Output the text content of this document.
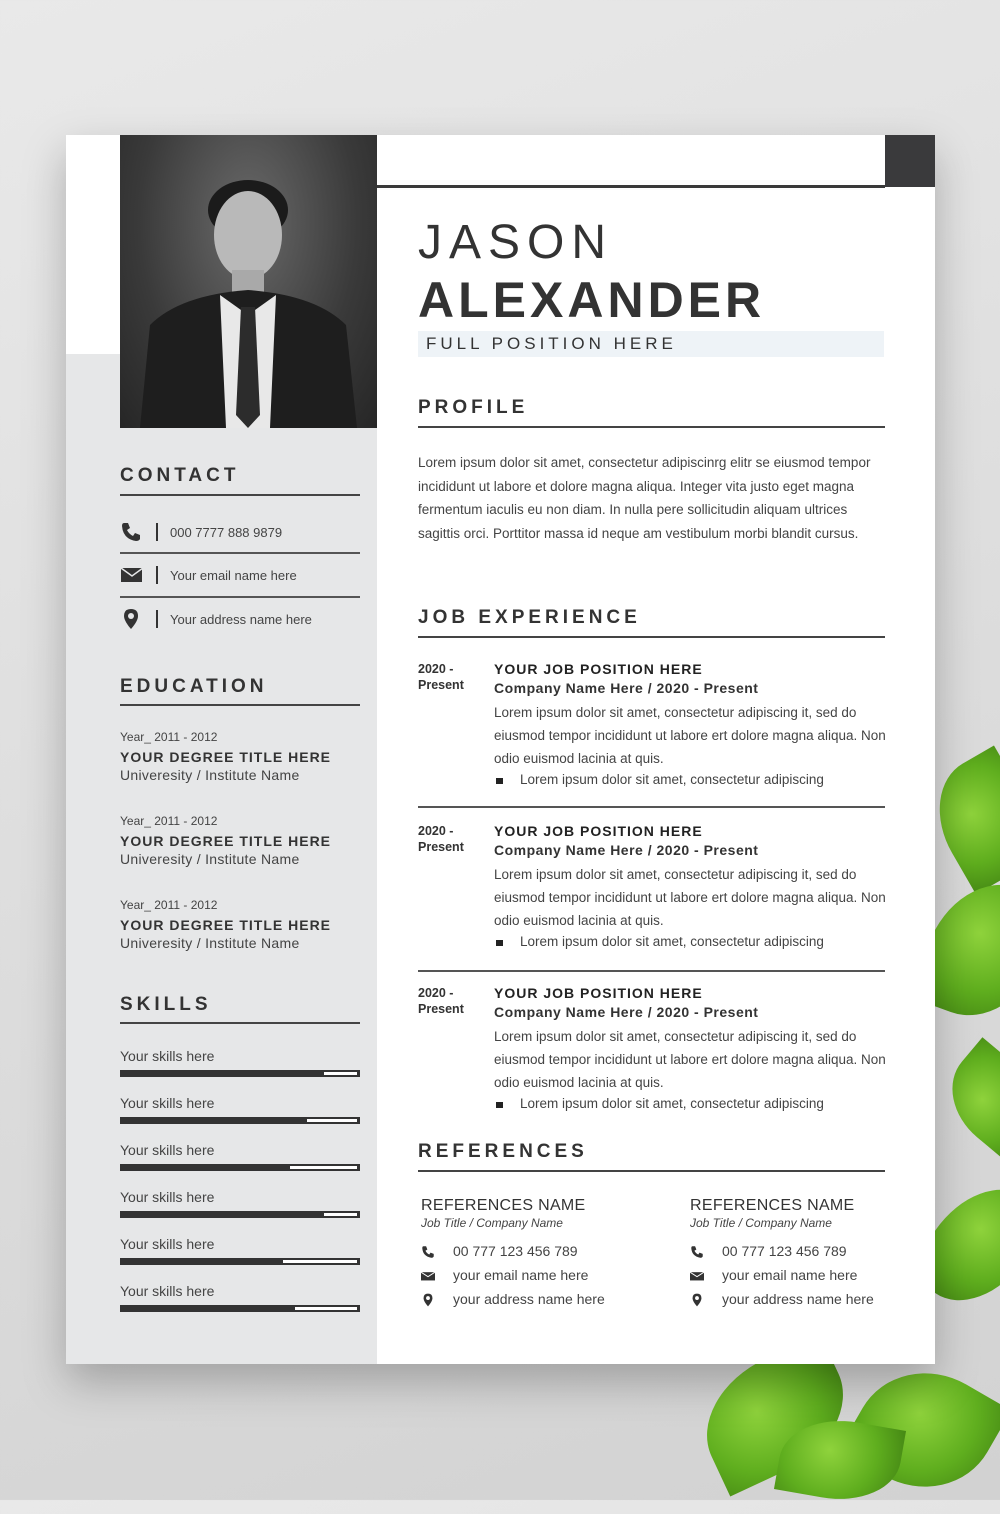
JASON
ALEXANDER
FULL POSITION HERE
CONTACT
000 7777 888 9879
Your email name here
Your address name here
EDUCATION
Year_ 2011 - 2012
YOUR DEGREE TITLE HERE
Univeresity / Institute Name
Year_ 2011 - 2012
YOUR DEGREE TITLE HERE
Univeresity / Institute Name
Year_ 2011 - 2012
YOUR DEGREE TITLE HERE
Univeresity / Institute Name
SKILLS
Your skills here
Your skills here
Your skills here
Your skills here
Your skills here
Your skills here
PROFILE
Lorem ipsum dolor sit amet, consectetur adipiscinrg elitr se eiusmod tempor incididunt ut labore et dolore magna aliqua. Integer vita justo eget magna fermentum iaculis eu non diam. In nulla pere sollicitudin aliquam ultrices sagittis orci. Porttitor massa id neque am vestibulum morbi blandit cursus.
JOB EXPERIENCE
2020 - Present
YOUR JOB POSITION HERE
Company Name Here / 2020 - Present
Lorem ipsum dolor sit amet, consectetur adipiscing it, sed do eiusmod tempor incididunt ut labore ert dolore magna aliqua. Non odio euismod lacinia at quis.
Lorem ipsum dolor sit amet, consectetur adipiscing
2020 - Present
YOUR JOB POSITION HERE
Company Name Here / 2020 - Present
Lorem ipsum dolor sit amet, consectetur adipiscing it, sed do eiusmod tempor incididunt ut labore ert dolore magna aliqua. Non odio euismod lacinia at quis.
Lorem ipsum dolor sit amet, consectetur adipiscing
2020 - Present
YOUR JOB POSITION HERE
Company Name Here / 2020 - Present
Lorem ipsum dolor sit amet, consectetur adipiscing it, sed do eiusmod tempor incididunt ut labore ert dolore magna aliqua. Non odio euismod lacinia at quis.
Lorem ipsum dolor sit amet, consectetur adipiscing
REFERENCES
REFERENCES NAME
Job Title / Company Name
00 777 123 456 789
your email name here
your address name here
REFERENCES NAME
Job Title / Company Name
00 777 123 456 789
your email name here
your address name here
